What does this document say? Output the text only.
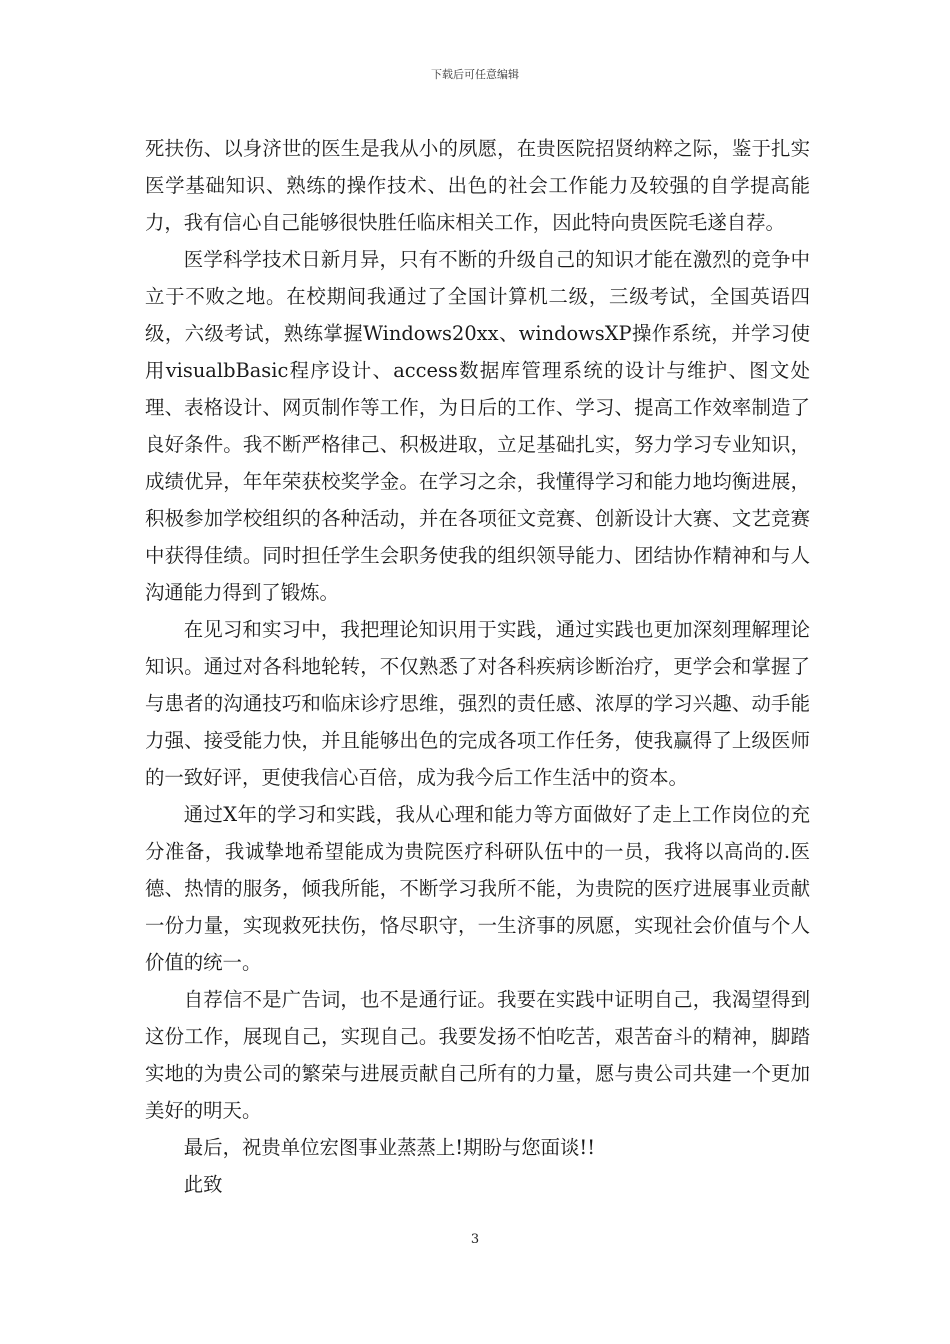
下载后可任意编辑

死扶伤、以身济世的医生是我从小的夙愿，在贵医院招贤纳粹之际，鉴于扎实医学基础知识、熟练的操作技术、出色的社会工作能力及较强的自学提高能力，我有信心自己能够很快胜任临床相关工作，因此特向贵医院毛遂自荐。

医学科学技术日新月异，只有不断的升级自己的知识才能在激烈的竞争中立于不败之地。在校期间我通过了全国计算机二级，三级考试，全国英语四级，六级考试，熟练掌握Windows20xx、windowsXP操作系统，并学习使用visualbBasic程序设计、access数据库管理系统的设计与维护、图文处理、表格设计、网页制作等工作，为日后的工作、学习、提高工作效率制造了良好条件。我不断严格律己、积极进取，立足基础扎实，努力学习专业知识，成绩优异，年年荣获校奖学金。在学习之余，我懂得学习和能力地均衡进展，积极参加学校组织的各种活动，并在各项征文竞赛、创新设计大赛、文艺竞赛中获得佳绩。同时担任学生会职务使我的组织领导能力、团结协作精神和与人沟通能力得到了锻炼。

在见习和实习中，我把理论知识用于实践，通过实践也更加深刻理解理论知识。通过对各科地轮转，不仅熟悉了对各科疾病诊断治疗，更学会和掌握了与患者的沟通技巧和临床诊疗思维，强烈的责任感、浓厚的学习兴趣、动手能力强、接受能力快，并且能够出色的完成各项工作任务，使我赢得了上级医师的一致好评，更使我信心百倍，成为我今后工作生活中的资本。

通过X年的学习和实践，我从心理和能力等方面做好了走上工作岗位的充分准备，我诚挚地希望能成为贵院医疗科研队伍中的一员，我将以高尚的.医德、热情的服务，倾我所能，不断学习我所不能，为贵院的医疗进展事业贡献一份力量，实现救死扶伤，恪尽职守，一生济事的夙愿，实现社会价值与个人价值的统一。

自荐信不是广告词，也不是通行证。我要在实践中证明自己，我渴望得到这份工作，展现自己，实现自己。我要发扬不怕吃苦，艰苦奋斗的精神，脚踏实地的为贵公司的繁荣与进展贡献自己所有的力量，愿与贵公司共建一个更加美好的明天。

最后，祝贵单位宏图事业蒸蒸上!期盼与您面谈!!

此致

3
